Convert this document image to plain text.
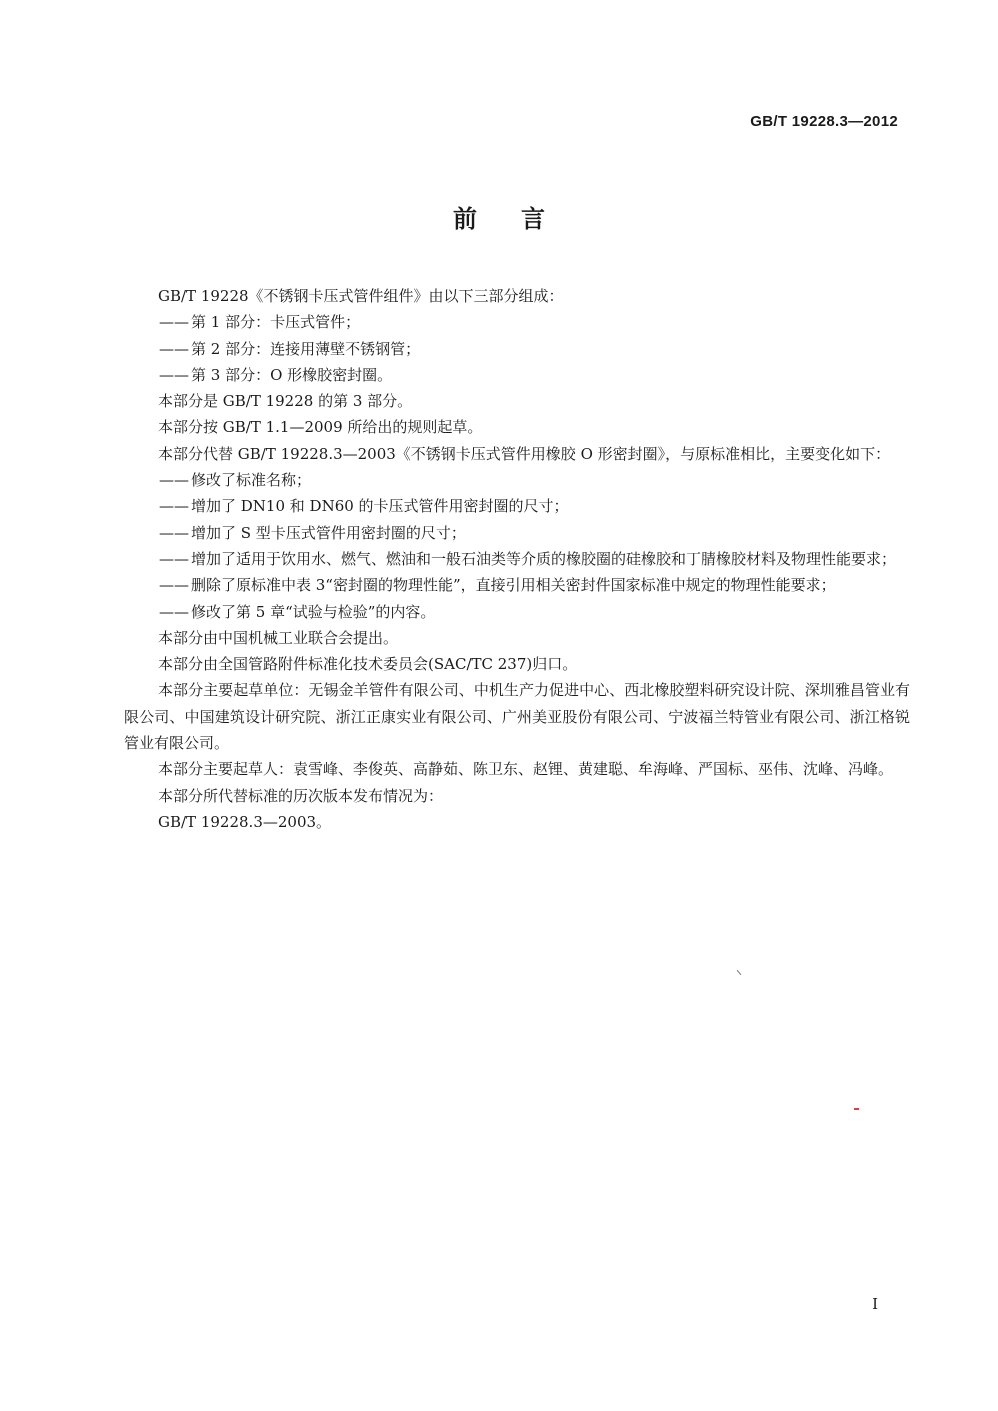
GB/T 19228.3—2012
前言

GB/T 19228《不锈钢卡压式管件组件》由以下三部分组成：

—— 第 1 部分：卡压式管件；

—— 第 2 部分：连接用薄壁不锈钢管；

—— 第 3 部分：O 形橡胶密封圈。

本部分是 GB/T 19228 的第 3 部分。

本部分按 GB/T 1.1—2009 所给出的规则起草。

本部分代替 GB/T 19228.3—2003《不锈钢卡压式管件用橡胶 O 形密封圈》，与原标准相比，主要变化如下：

—— 修改了标准名称；

—— 增加了 DN10 和 DN60 的卡压式管件用密封圈的尺寸；

—— 增加了 S 型卡压式管件用密封圈的尺寸；

—— 增加了适用于饮用水、燃气、燃油和一般石油类等介质的橡胶圈的硅橡胶和丁腈橡胶材料及物理性能要求；

—— 删除了原标准中表 3“密封圈的物理性能”，直接引用相关密封件国家标准中规定的物理性能要求；

—— 修改了第 5 章“试验与检验”的内容。

本部分由中国机械工业联合会提出。

本部分由全国管路附件标准化技术委员会(SAC/TC 237)归口。

本部分主要起草单位：无锡金羊管件有限公司、中机生产力促进中心、西北橡胶塑料研究设计院、深圳雅昌管业有限公司、中国建筑设计研究院、浙江正康实业有限公司、广州美亚股份有限公司、宁波福兰特管业有限公司、浙江格锐管业有限公司。

本部分主要起草人：袁雪峰、李俊英、高静茹、陈卫东、赵锂、黄建聪、牟海峰、严国标、巫伟、沈峰、冯峰。

本部分所代替标准的历次版本发布情况为：

GB/T 19228.3—2003。

I
